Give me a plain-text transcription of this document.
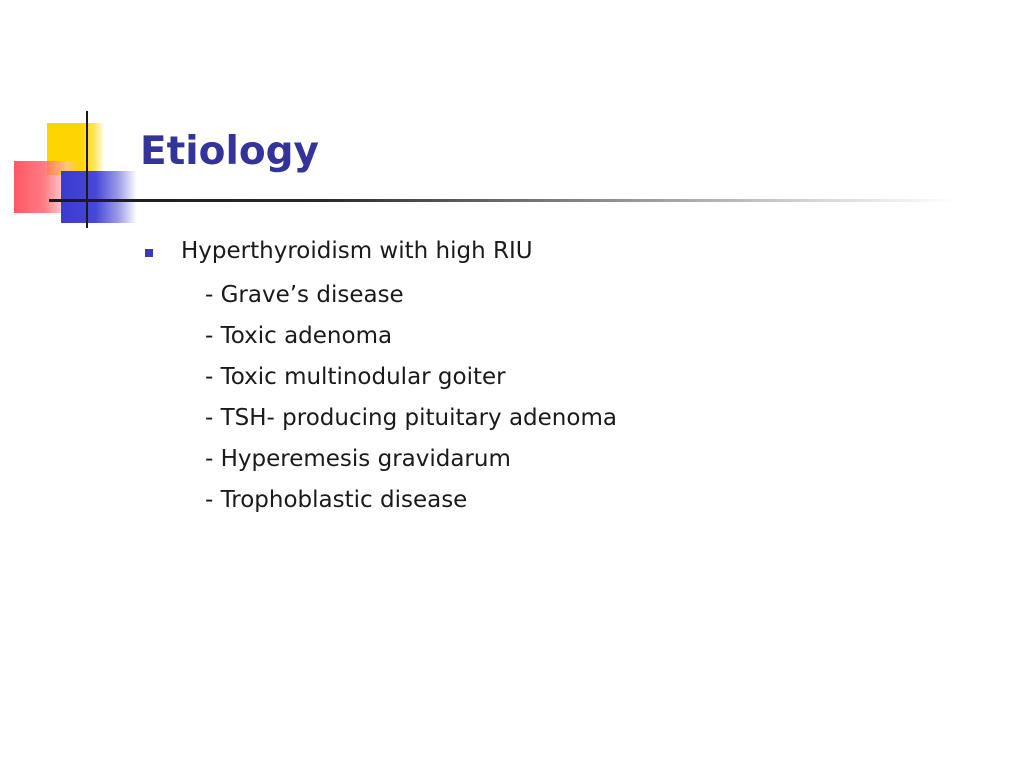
Etiology
Hyperthyroidism with high RIU
- Grave’s disease
- Toxic adenoma
- Toxic multinodular goiter
- TSH- producing pituitary adenoma
- Hyperemesis gravidarum
- Trophoblastic disease
